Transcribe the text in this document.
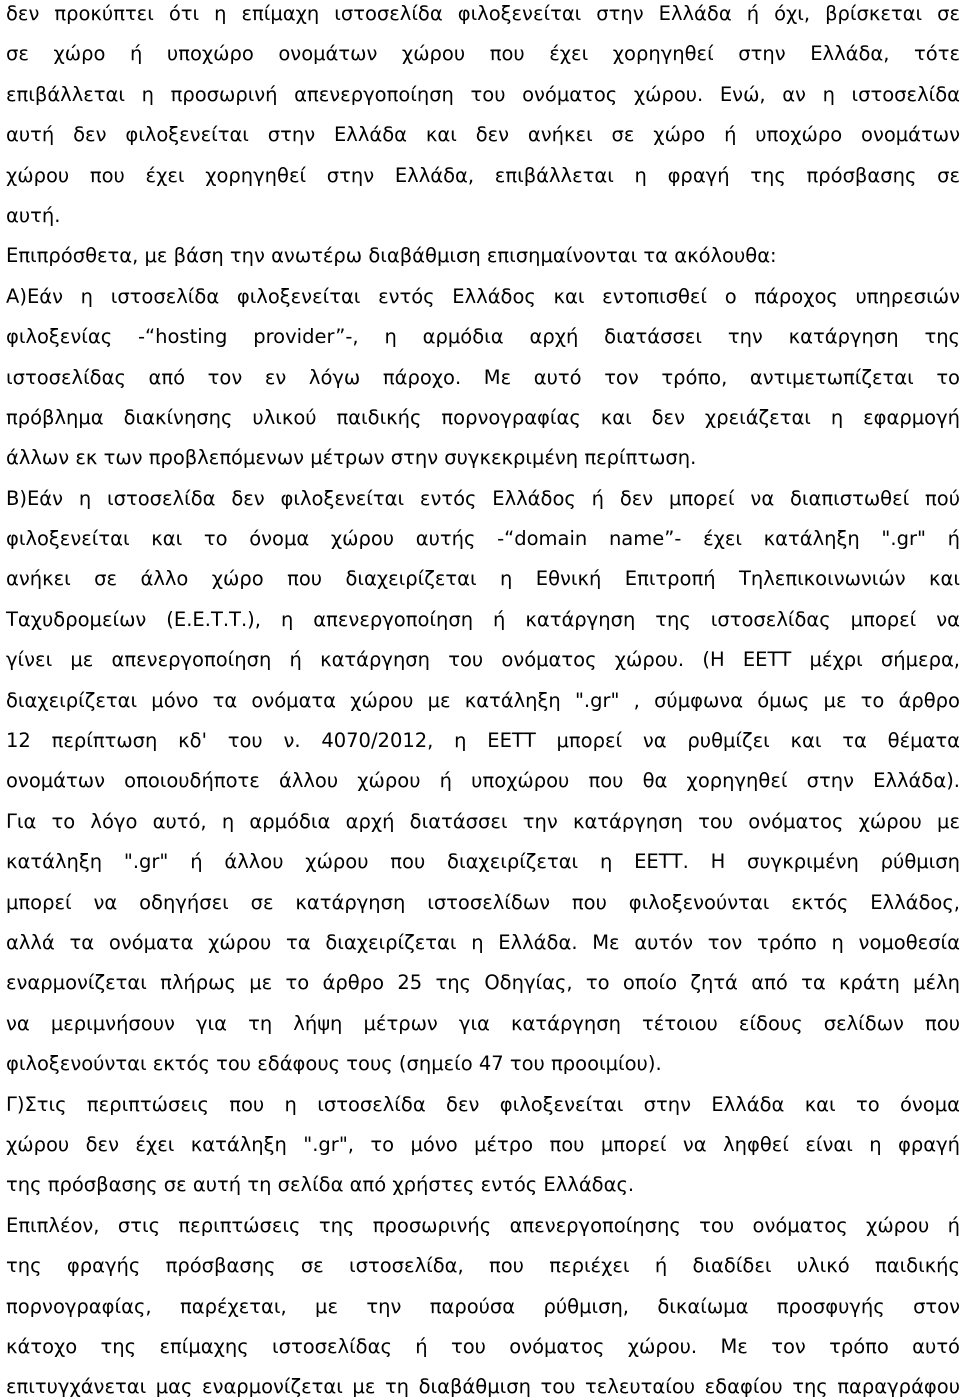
δεν προκύπτει ότι η επίμαχη ιστοσελίδα φιλοξενείται στην Ελλάδα ή όχι, βρίσκεται σε
σε χώρο ή υποχώρο ονομάτων χώρου που έχει χορηγηθεί στην Ελλάδα, τότε
επιβάλλεται η προσωρινή απενεργοποίηση του ονόματος χώρου. Ενώ, αν η ιστοσελίδα
αυτή δεν φιλοξενείται στην Ελλάδα και δεν ανήκει σε χώρο ή υποχώρο ονομάτων
χώρου που έχει χορηγηθεί στην Ελλάδα, επιβάλλεται η φραγή της πρόσβασης σε
αυτή.
Επιπρόσθετα, με βάση την ανωτέρω διαβάθμιση επισημαίνονται τα ακόλουθα:
Α)Εάν η ιστοσελίδα φιλοξενείται εντός Ελλάδος και εντοπισθεί ο πάροχος υπηρεσιών
φιλοξενίας -“hosting provider”-, η αρμόδια αρχή διατάσσει την κατάργηση της
ιστοσελίδας από τον εν λόγω πάροχο. Με αυτό τον τρόπο, αντιμετωπίζεται το
πρόβλημα διακίνησης υλικού παιδικής πορνογραφίας και δεν χρειάζεται η εφαρμογή
άλλων εκ των προβλεπόμενων μέτρων στην συγκεκριμένη περίπτωση.
Β)Εάν η ιστοσελίδα δεν φιλοξενείται εντός Ελλάδος ή δεν μπορεί να διαπιστωθεί πού
φιλοξενείται και το όνομα χώρου αυτής -“domain name”- έχει κατάληξη ".gr" ή
ανήκει σε άλλο χώρο που διαχειρίζεται η Εθνική Επιτροπή Τηλεπικοινωνιών και
Ταχυδρομείων (Ε.Ε.Τ.Τ.), η απενεργοποίηση ή κατάργηση της ιστοσελίδας μπορεί να
γίνει με απενεργοποίηση ή κατάργηση του ονόματος χώρου. (Η ΕΕΤΤ μέχρι σήμερα,
διαχειρίζεται μόνο τα ονόματα χώρου με κατάληξη ".gr" , σύμφωνα όμως με το άρθρο
12 περίπτωση κδ' του ν. 4070/2012, η ΕΕΤΤ μπορεί να ρυθμίζει και τα θέματα
ονομάτων οποιουδήποτε άλλου χώρου ή υποχώρου που θα χορηγηθεί στην Ελλάδα).
Για το λόγο αυτό, η αρμόδια αρχή διατάσσει την κατάργηση του ονόματος χώρου με
κατάληξη ".gr" ή άλλου χώρου που διαχειρίζεται η ΕΕΤΤ. Η συγκριμένη ρύθμιση
μπορεί να οδηγήσει σε κατάργηση ιστοσελίδων που φιλοξενούνται εκτός Ελλάδος,
αλλά τα ονόματα χώρου τα διαχειρίζεται η Ελλάδα. Με αυτόν τον τρόπο η νομοθεσία
εναρμονίζεται πλήρως με το άρθρο 25 της Οδηγίας, το οποίο ζητά από τα κράτη μέλη
να μεριμνήσουν για τη λήψη μέτρων για κατάργηση τέτοιου είδους σελίδων που
φιλοξενούνται εκτός του εδάφους τους (σημείο 47 του προοιμίου).
Γ)Στις περιπτώσεις που η ιστοσελίδα δεν φιλοξενείται στην Ελλάδα και το όνομα
χώρου δεν έχει κατάληξη ".gr", το μόνο μέτρο που μπορεί να ληφθεί είναι η φραγή
της πρόσβασης σε αυτή τη σελίδα από χρήστες εντός Ελλάδας.
Επιπλέον, στις περιπτώσεις της προσωρινής απενεργοποίησης του ονόματος χώρου ή
της φραγής πρόσβασης σε ιστοσελίδα, που περιέχει ή διαδίδει υλικό παιδικής
πορνογραφίας, παρέχεται, με την παρούσα ρύθμιση, δικαίωμα προσφυγής στον
κάτοχο της επίμαχης ιστοσελίδας ή του ονόματος χώρου. Με τον τρόπο αυτό
επιτυγχάνεται μας εναρμονίζεται με τη διαβάθμιση του τελευταίου εδαφίου της παραγράφου
